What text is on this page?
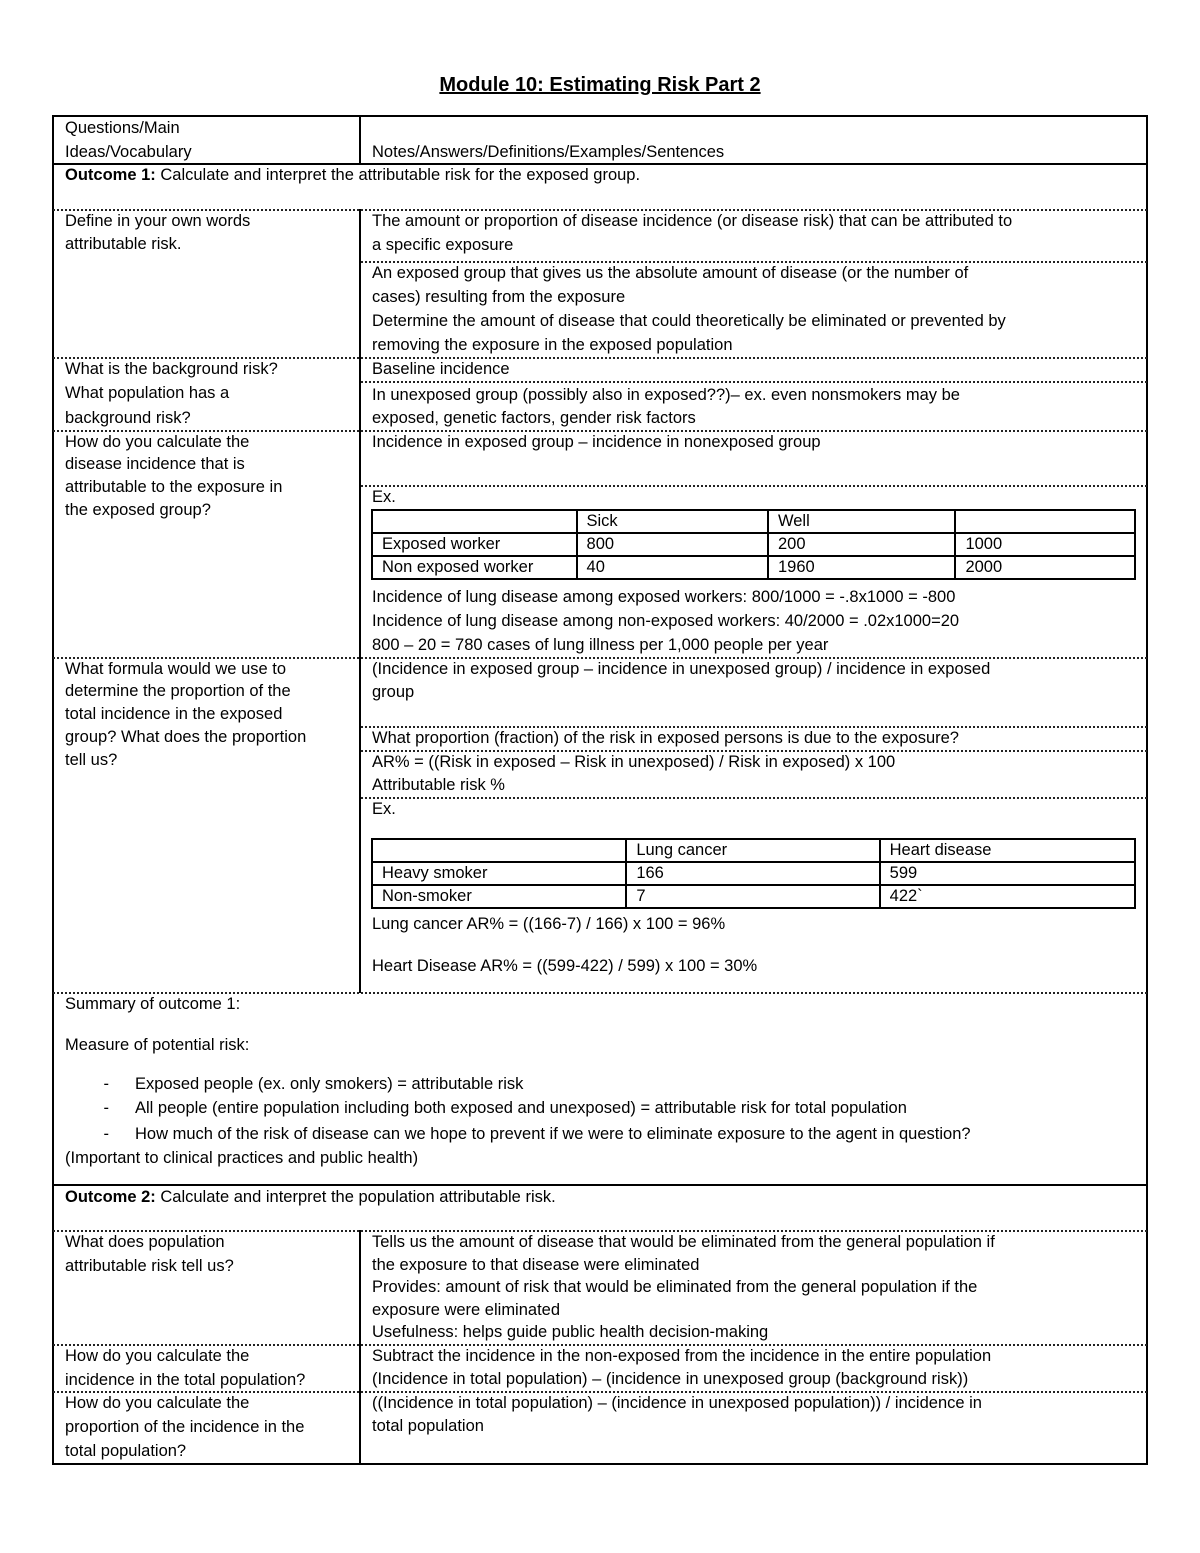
Module 10: Estimating Risk Part 2
Questions/Main
Ideas/Vocabulary	Notes/Answers/Definitions/Examples/Sentences
Outcome 1: Calculate and interpret the attributable risk for the exposed group.
Define in your own words
attributable risk.
The amount or proportion of disease incidence (or disease risk) that can be attributed to
a specific exposure
An exposed group that gives us the absolute amount of disease (or the number of
cases) resulting from the exposure
Determine the amount of disease that could theoretically be eliminated or prevented by
removing the exposure in the exposed population
What is the background risk?
What population has a
background risk?
Baseline incidence
In unexposed group (possibly also in exposed??)– ex. even nonsmokers may be
exposed, genetic factors, gender risk factors
How do you calculate the
disease incidence that is
attributable to the exposure in
the exposed group?
Incidence in exposed group – incidence in nonexposed group
Ex.
	Sick	Well	
Exposed worker	800	200	1000
Non exposed worker	40	1960	2000
Incidence of lung disease among exposed workers: 800/1000 = -.8x1000 = -800
Incidence of lung disease among non-exposed workers: 40/2000 = .02x1000=20
800 – 20 = 780 cases of lung illness per 1,000 people per year
What formula would we use to
determine the proportion of the
total incidence in the exposed
group? What does the proportion
tell us?
(Incidence in exposed group – incidence in unexposed group) / incidence in exposed
group
What proportion (fraction) of the risk in exposed persons is due to the exposure?
AR% = ((Risk in exposed – Risk in unexposed) / Risk in exposed) x 100
Attributable risk %
Ex.
	Lung cancer	Heart disease
Heavy smoker	166	599
Non-smoker	7	422`
Lung cancer AR% = ((166-7) / 166) x 100 = 96%
Heart Disease AR% = ((599-422) / 599) x 100 = 30%
Summary of outcome 1:
Measure of potential risk:
- Exposed people (ex. only smokers) = attributable risk
- All people (entire population including both exposed and unexposed) = attributable risk for total population
- How much of the risk of disease can we hope to prevent if we were to eliminate exposure to the agent in question?
(Important to clinical practices and public health)
Outcome 2: Calculate and interpret the population attributable risk.
What does population
attributable risk tell us?
Tells us the amount of disease that would be eliminated from the general population if
the exposure to that disease were eliminated
Provides: amount of risk that would be eliminated from the general population if the
exposure were eliminated
Usefulness: helps guide public health decision-making
How do you calculate the
incidence in the total population?
Subtract the incidence in the non-exposed from the incidence in the entire population
(Incidence in total population) – (incidence in unexposed group (background risk))
How do you calculate the
proportion of the incidence in the
total population?
((Incidence in total population) – (incidence in unexposed population)) / incidence in
total population
